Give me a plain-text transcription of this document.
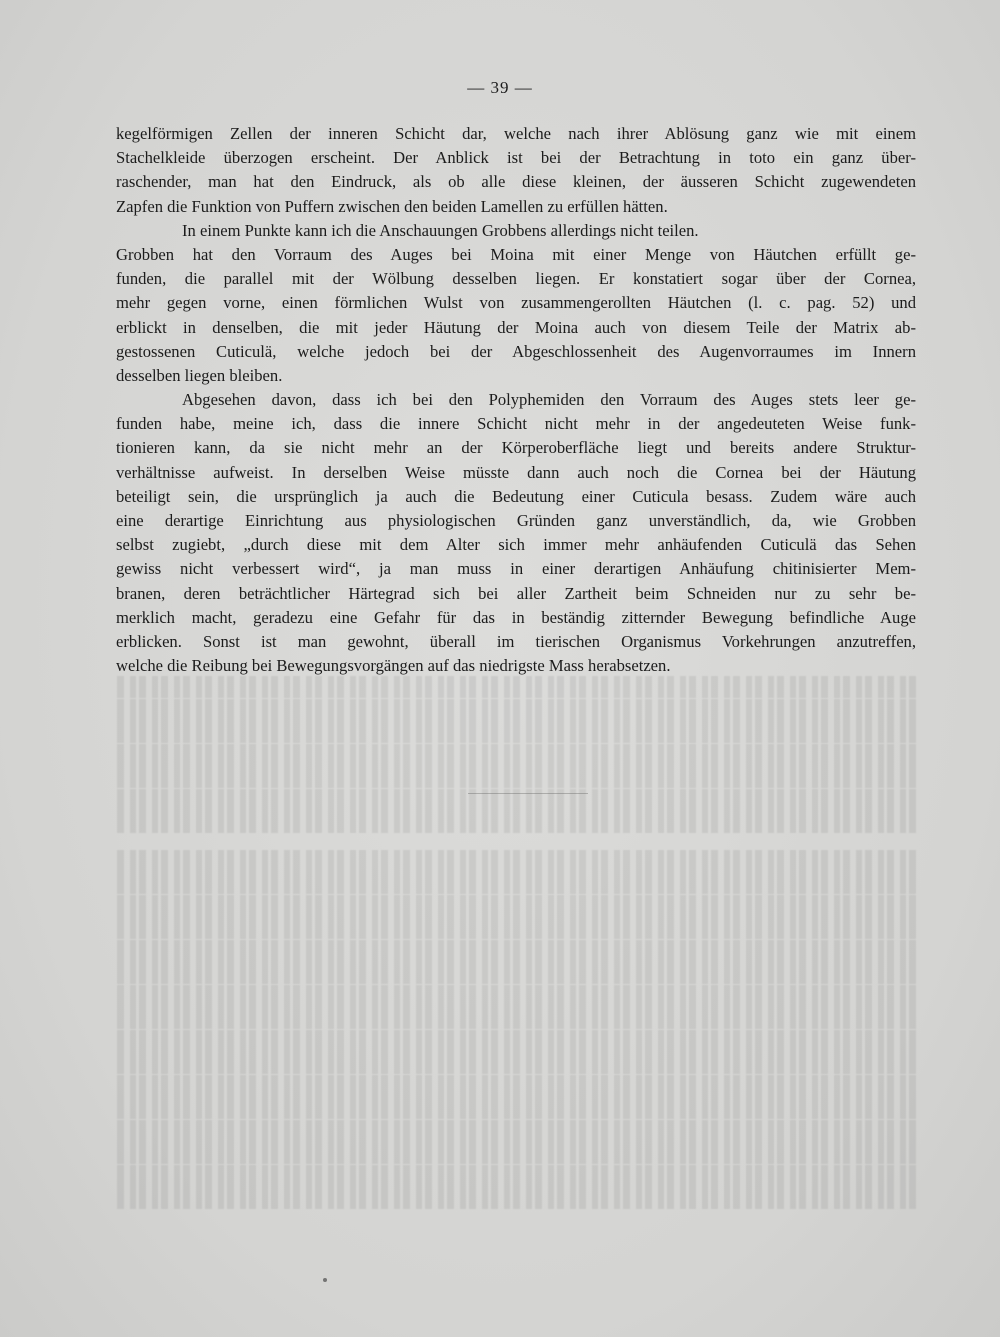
— 39 —
kegelförmigen Zellen der inneren Schicht dar, welche nach ihrer Ablösung ganz wie mit einem
Stachelkleide überzogen erscheint. Der Anblick ist bei der Betrachtung in toto ein ganz über-
raschender, man hat den Eindruck, als ob alle diese kleinen, der äusseren Schicht zugewendeten
Zapfen die Funktion von Puffern zwischen den beiden Lamellen zu erfüllen hätten.
In einem Punkte kann ich die Anschauungen Grobbens allerdings nicht teilen.
Grobben hat den Vorraum des Auges bei Moina mit einer Menge von Häutchen erfüllt ge-
funden, die parallel mit der Wölbung desselben liegen. Er konstatiert sogar über der Cornea,
mehr gegen vorne, einen förmlichen Wulst von zusammengerollten Häutchen (l. c. pag. 52) und
erblickt in denselben, die mit jeder Häutung der Moina auch von diesem Teile der Matrix ab-
gestossenen Cuticulä, welche jedoch bei der Abgeschlossenheit des Augenvorraumes im Innern
desselben liegen bleiben.
Abgesehen davon, dass ich bei den Polyphemiden den Vorraum des Auges stets leer ge-
funden habe, meine ich, dass die innere Schicht nicht mehr in der angedeuteten Weise funk-
tionieren kann, da sie nicht mehr an der Körperoberfläche liegt und bereits andere Struktur-
verhältnisse aufweist. In derselben Weise müsste dann auch noch die Cornea bei der Häutung
beteiligt sein, die ursprünglich ja auch die Bedeutung einer Cuticula besass. Zudem wäre auch
eine derartige Einrichtung aus physiologischen Gründen ganz unverständlich, da, wie Grobben
selbst zugiebt, „durch diese mit dem Alter sich immer mehr anhäufenden Cuticulä das Sehen
gewiss nicht verbessert wird“, ja man muss in einer derartigen Anhäufung chitinisierter Mem-
branen, deren beträchtlicher Härtegrad sich bei aller Zartheit beim Schneiden nur zu sehr be-
merklich macht, geradezu eine Gefahr für das in beständig zitternder Bewegung befindliche Auge
erblicken. Sonst ist man gewohnt, überall im tierischen Organismus Vorkehrungen anzutreffen,
welche die Reibung bei Bewegungsvorgängen auf das niedrigste Mass herabsetzen.
